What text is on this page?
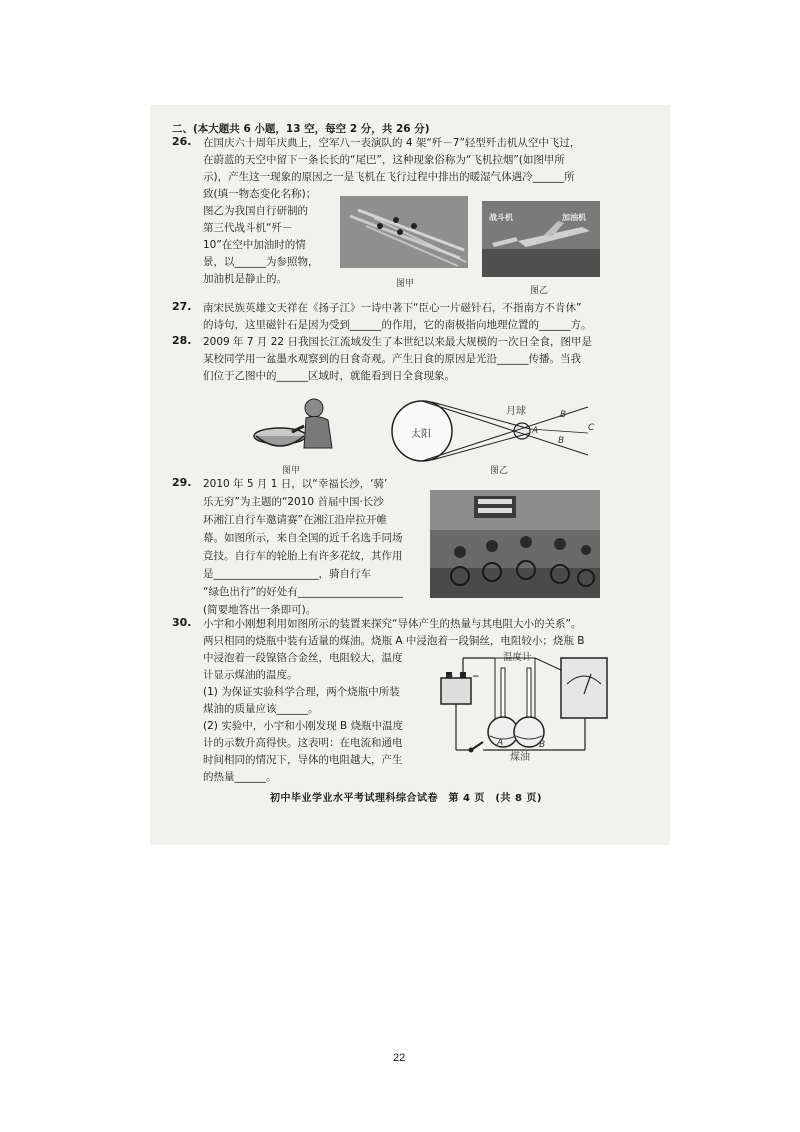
二、(本大题共 6 小题，13 空，每空 2 分，共 26 分)
26. 在国庆六十周年庆典上，空军八一表演队的 4 架“歼－7”轻型歼击机从空中飞过，
在蔚蓝的天空中留下一条长长的“尾巴”，这种现象俗称为“飞机拉烟”(如图甲所
示)，产生这一现象的原因之一是飞机在飞行过程中排出的暖湿气体遇冷______所
致(填一物态变化名称)；
图乙为我国自行研制的
第三代战斗机“歼－
10”在空中加油时的情
景，以______为参照物，
加油机是静止的。	图甲
战斗机	加油机
图乙
27. 南宋民族英雄文天祥在《扬子江》一诗中著下“臣心一片磁针石，不指南方不肯休”
的诗句，这里磁针石是因为受到______的作用，它的南极指向地理位置的______方。
28. 2009 年 7 月 22 日我国长江流域发生了本世纪以来最大规模的一次日全食，图甲是
某校同学用一盆墨水观察到的日食奇观。产生日食的原因是光沿______传播。当我
们位于乙图中的______区域时，就能看到日全食现象。
图甲
太阳
月球
A
B
B
C
图乙
29. 2010 年 5 月 1 日，以“幸福长沙，‘骑’
乐无穷”为主题的“2010 首届中国·长沙
环湘江自行车邀请赛”在湘江沿岸拉开帷
幕。如图所示，来自全国的近千名选手同场
竞技。自行车的轮胎上有许多花纹，其作用
是____________________，骑自行车
“绿色出行”的好处有____________________
(简要地答出一条即可)。
30. 小宇和小刚想利用如图所示的装置来探究“导体产生的热量与其电阻大小的关系”。
两只相同的烧瓶中装有适量的煤油。烧瓶 A 中浸泡着一段铜丝，电阻较小；烧瓶 B
中浸泡着一段镍铬合金丝，电阻较大，温度
计显示煤油的温度。
(1) 为保证实验科学合理，两个烧瓶中所装
煤油的质量应该______。
(2) 实验中，小宇和小刚发现 B 烧瓶中温度
计的示数升高得快。这表明：在电流和通电
时间相同的情况下，导体的电阻越大，产生
的热量______。
温度计
+ −
A	B
煤油
初中毕业学业水平考试理科综合试卷　第 4 页　(共 8 页)
22
